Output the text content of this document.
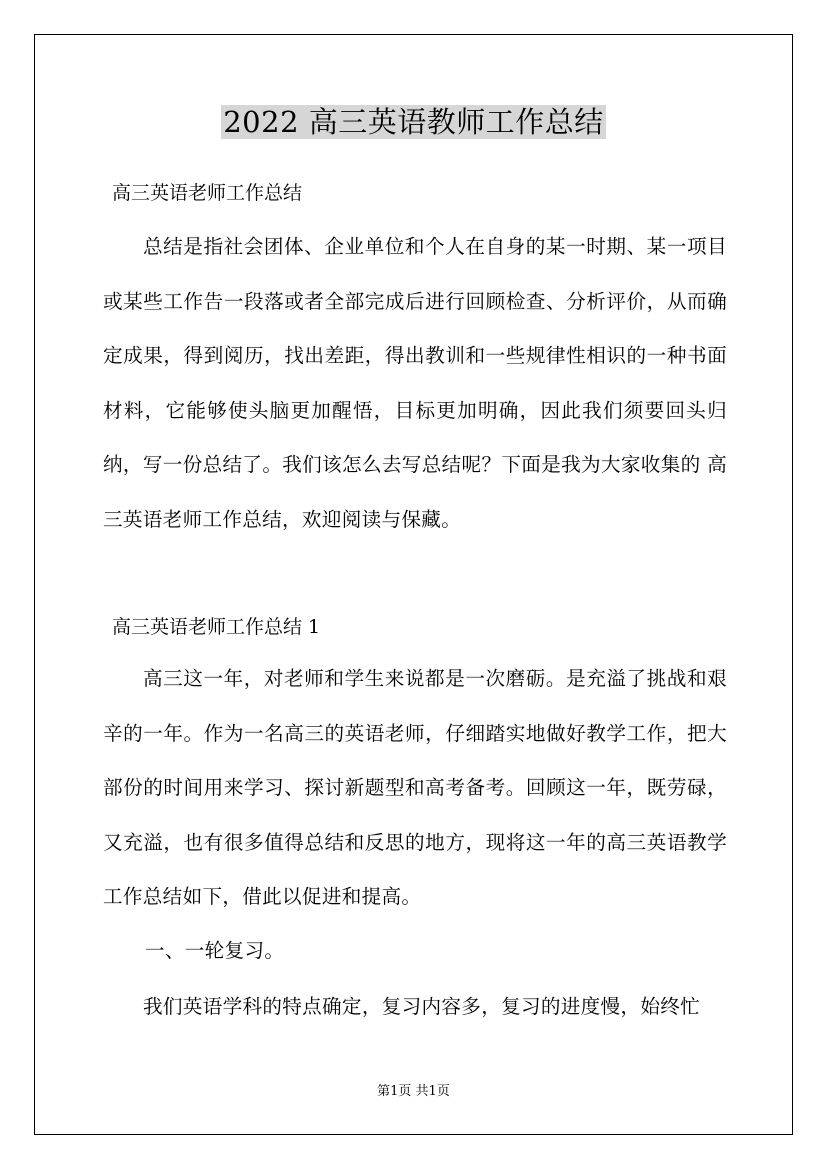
2022 高三英语教师工作总结
高三英语老师工作总结
总结是指社会团体、企业单位和个人在自身的某一时期、某一项目或某些工作告一段落或者全部完成后进行回顾检查、分析评价，从而确定成果，得到阅历，找出差距，得出教训和一些规律性相识的一种书面材料，它能够使头脑更加醒悟，目标更加明确，因此我们须要回头归纳，写一份总结了。我们该怎么去写总结呢？下面是我为大家收集的 高三英语老师工作总结，欢迎阅读与保藏。
高三英语老师工作总结 1
高三这一年，对老师和学生来说都是一次磨砺。是充溢了挑战和艰辛的一年。作为一名高三的英语老师，仔细踏实地做好教学工作，把大部份的时间用来学习、探讨新题型和高考备考。回顾这一年，既劳碌，又充溢，也有很多值得总结和反思的地方，现将这一年的高三英语教学工作总结如下，借此以促进和提高。
一、一轮复习。
我们英语学科的特点确定，复习内容多，复习的进度慢，始终忙
第1页 共1页
